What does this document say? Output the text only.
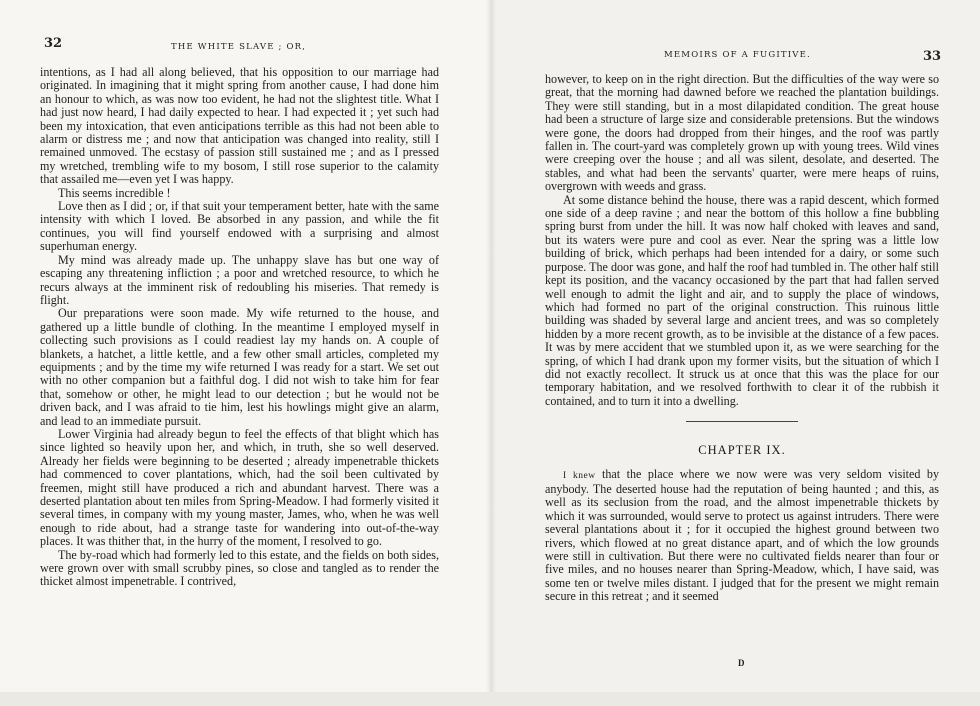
32	THE WHITE SLAVE ; OR,

intentions, as I had all along believed, that his opposition to our marriage had originated. In imagining that it might spring from another cause, I had done him an honour to which, as was now too evident, he had not the slightest title. What I had just now heard, I had daily expected to hear. I had expected it ; yet such had been my intoxication, that even anticipations terrible as this had not been able to alarm or distress me ; and now that anticipation was changed into reality, still I remained unmoved. The ecstasy of passion still sustained me ; and as I pressed my wretched, trembling wife to my bosom, I still rose superior to the calamity that assailed me—even yet I was happy.

This seems incredible !

Love then as I did ; or, if that suit your temperament better, hate with the same intensity with which I loved. Be absorbed in any passion, and while the fit continues, you will find yourself endowed with a surprising and almost superhuman energy.

My mind was already made up. The unhappy slave has but one way of escaping any threatening infliction ; a poor and wretched resource, to which he recurs always at the imminent risk of redoubling his miseries. That remedy is flight.

Our preparations were soon made. My wife returned to the house, and gathered up a little bundle of clothing. In the meantime I employed myself in collecting such provisions as I could readiest lay my hands on. A couple of blankets, a hatchet, a little kettle, and a few other small articles, completed my equipments ; and by the time my wife returned I was ready for a start. We set out with no other companion but a faithful dog. I did not wish to take him for fear that, somehow or other, he might lead to our detection ; but he would not be driven back, and I was afraid to tie him, lest his howlings might give an alarm, and lead to an immediate pursuit.

Lower Virginia had already begun to feel the effects of that blight which has since lighted so heavily upon her, and which, in truth, she so well deserved. Already her fields were beginning to be deserted ; already impenetrable thickets had commenced to cover plantations, which, had the soil been cultivated by freemen, might still have produced a rich and abundant harvest. There was a deserted plantation about ten miles from Spring-Meadow. I had formerly visited it several times, in company with my young master, James, who, when he was well enough to ride about, had a strange taste for wandering into out-of-the-way places. It was thither that, in the hurry of the moment, I resolved to go.

The by-road which had formerly led to this estate, and the fields on both sides, were grown over with small scrubby pines, so close and tangled as to render the thicket almost impenetrable. I contrived,

MEMOIRS OF A FUGITIVE.	33

however, to keep on in the right direction. But the difficulties of the way were so great, that the morning had dawned before we reached the plantation buildings. They were still standing, but in a most dilapidated condition. The great house had been a structure of large size and considerable pretensions. But the windows were gone, the doors had dropped from their hinges, and the roof was partly fallen in. The court-yard was completely grown up with young trees. Wild vines were creeping over the house ; and all was silent, desolate, and deserted. The stables, and what had been the servants' quarter, were mere heaps of ruins, overgrown with weeds and grass.

At some distance behind the house, there was a rapid descent, which formed one side of a deep ravine ; and near the bottom of this hollow a fine bubbling spring burst from under the hill. It was now half choked with leaves and sand, but its waters were pure and cool as ever. Near the spring was a little low building of brick, which perhaps had been intended for a dairy, or some such purpose. The door was gone, and half the roof had tumbled in. The other half still kept its position, and the vacancy occasioned by the part that had fallen served well enough to admit the light and air, and to supply the place of windows, which had formed no part of the original construction. This ruinous little building was shaded by several large and ancient trees, and was so completely hidden by a more recent growth, as to be invisible at the distance of a few paces. It was by mere accident that we stumbled upon it, as we were searching for the spring, of which I had drank upon my former visits, but the situation of which I did not exactly recollect. It struck us at once that this was the place for our temporary habitation, and we resolved forthwith to clear it of the rubbish it contained, and to turn it into a dwelling.

CHAPTER IX.

I knew that the place where we now were was very seldom visited by anybody. The deserted house had the reputation of being haunted ; and this, as well as its seclusion from the road, and the almost impenetrable thickets by which it was surrounded, would serve to protect us against intruders. There were several plantations about it ; for it occupied the highest ground between two rivers, which flowed at no great distance apart, and of which the low grounds were still in cultivation. But there were no cultivated fields nearer than four or five miles, and no houses nearer than Spring-Meadow, which, I have said, was some ten or twelve miles distant. I judged that for the present we might remain secure in this retreat ; and it seemed

D
